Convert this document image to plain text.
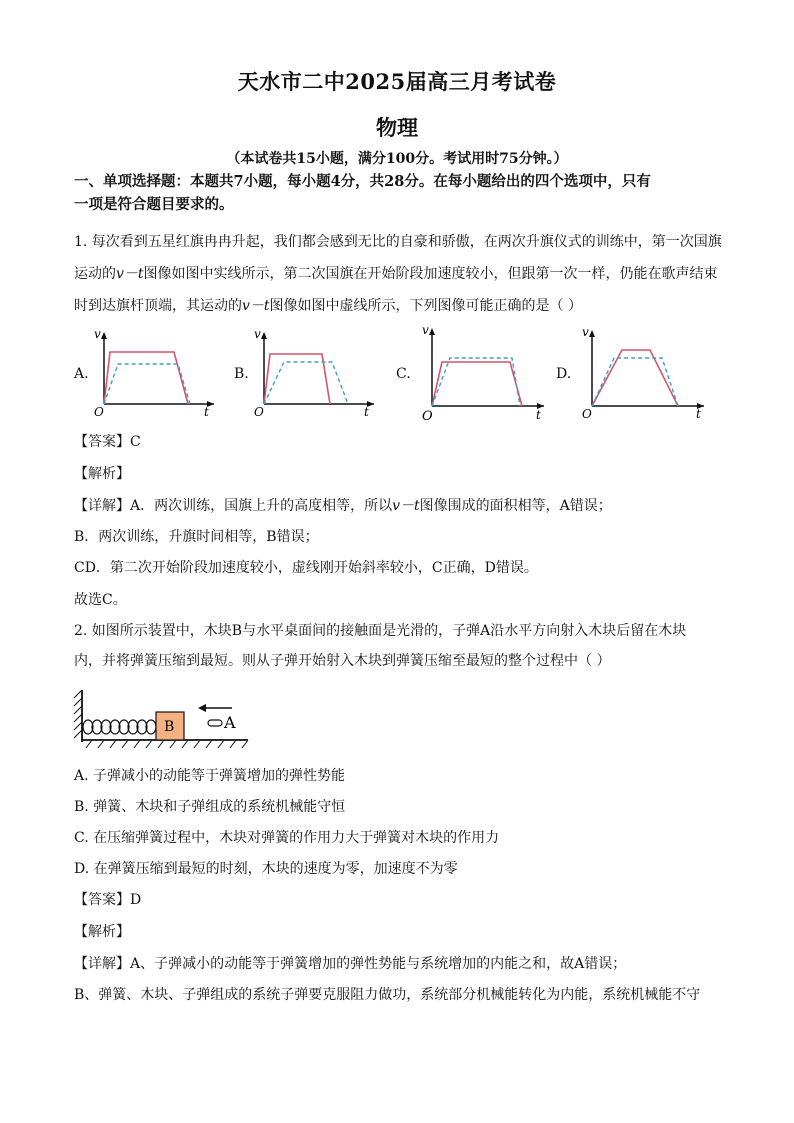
天水市二中2025届高三月考试卷
物理
（本试卷共15小题，满分100分。考试用时75分钟。）
一、单项选择题：本题共7小题，每小题4分，共28分。在每小题给出的四个选项中，只有
一项是符合题目要求的。
1. 每次看到五星红旗冉冉升起，我们都会感到无比的自豪和骄傲，在两次升旗仪式的训练中，第一次国旗
运动的v－t图像如图中实线所示，第二次国旗在开始阶段加速度较小，但跟第一次一样，仍能在歌声结束
时到达旗杆顶端，其运动的v－t图像如图中虚线所示，下列图像可能正确的是（ ）
A.
v
O	t
B.
v
O	t
C.
v
O	t
D.
v
O	t
【答案】C
【解析】
【详解】A．两次训练，国旗上升的高度相等，所以v－t图像围成的面积相等，A错误；
B．两次训练，升旗时间相等，B错误；
CD．第二次开始阶段加速度较小，虚线刚开始斜率较小，C正确，D错误。
故选C。
2. 如图所示装置中，木块B与水平桌面间的接触面是光滑的，子弹A沿水平方向射入木块后留在木块
内，并将弹簧压缩到最短。则从子弹开始射入木块到弹簧压缩至最短的整个过程中（ ）
B	A
A. 子弹减小的动能等于弹簧增加的弹性势能
B. 弹簧、木块和子弹组成的系统机械能守恒
C. 在压缩弹簧过程中，木块对弹簧的作用力大于弹簧对木块的作用力
D. 在弹簧压缩到最短的时刻，木块的速度为零，加速度不为零
【答案】D
【解析】
【详解】A、子弹减小的动能等于弹簧增加的弹性势能与系统增加的内能之和，故A错误；
B、弹簧、木块、子弹组成的系统子弹要克服阻力做功，系统部分机械能转化为内能，系统机械能不守
